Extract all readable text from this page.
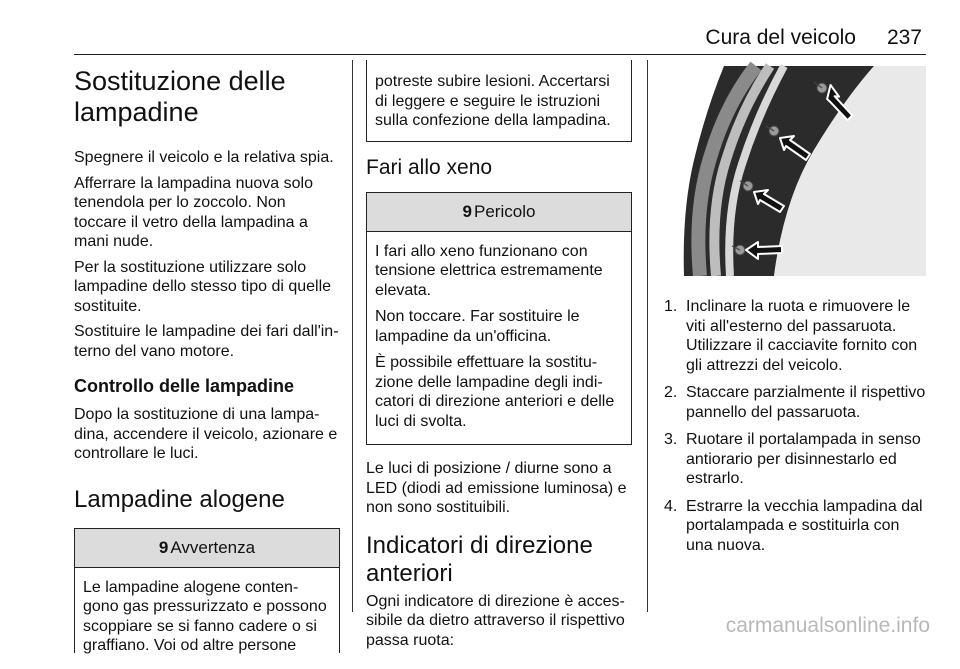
Cura del veicolo 237
Sostituzione delle lampadine

Spegnere il veicolo e la relativa spia.

Afferrare la lampadina nuova solo tenendola per lo zoccolo. Non toccare il vetro della lampadina a mani nude.

Per la sostituzione utilizzare solo lampadine dello stesso tipo di quelle sostituite.

Sostituire le lampadine dei fari dall'in-terno del vano motore.

Controllo delle lampadine

Dopo la sostituzione di una lampa-dina, accendere il veicolo, azionare e controllare le luci.

Lampadine alogene
9 Avvertenza

Le lampadine alogene conten-gono gas pressurizzato e possono scoppiare se si fanno cadere o si graffiano. Voi od altre persone

potreste subire lesioni. Accertarsi di leggere e seguire le istruzioni sulla confezione della lampadina.

Fari allo xeno
9 Pericolo

I fari allo xeno funzionano con tensione elettrica estremamente elevata.

Non toccare. Far sostituire le lampadine da un'officina.

È possibile effettuare la sostitu-zione delle lampadine degli indi-catori di direzione anteriori e delle luci di svolta.

Le luci di posizione / diurne sono a LED (diodi ad emissione luminosa) e non sono sostituibili.

Indicatori di direzione anteriori

Ogni indicatore di direzione è acces-sibile da dietro attraverso il rispettivo passa ruota:

1. Inclinare la ruota e rimuovere le viti all'esterno del passaruota. Utilizzare il cacciavite fornito con gli attrezzi del veicolo.
2. Staccare parzialmente il rispettivo pannello del passaruota.
3. Ruotare il portalampada in senso antiorario per disinnestarlo ed estrarlo.
4. Estrarre la vecchia lampadina dal portalampada e sostituirla con una nuova.
carmanualsonline.info
